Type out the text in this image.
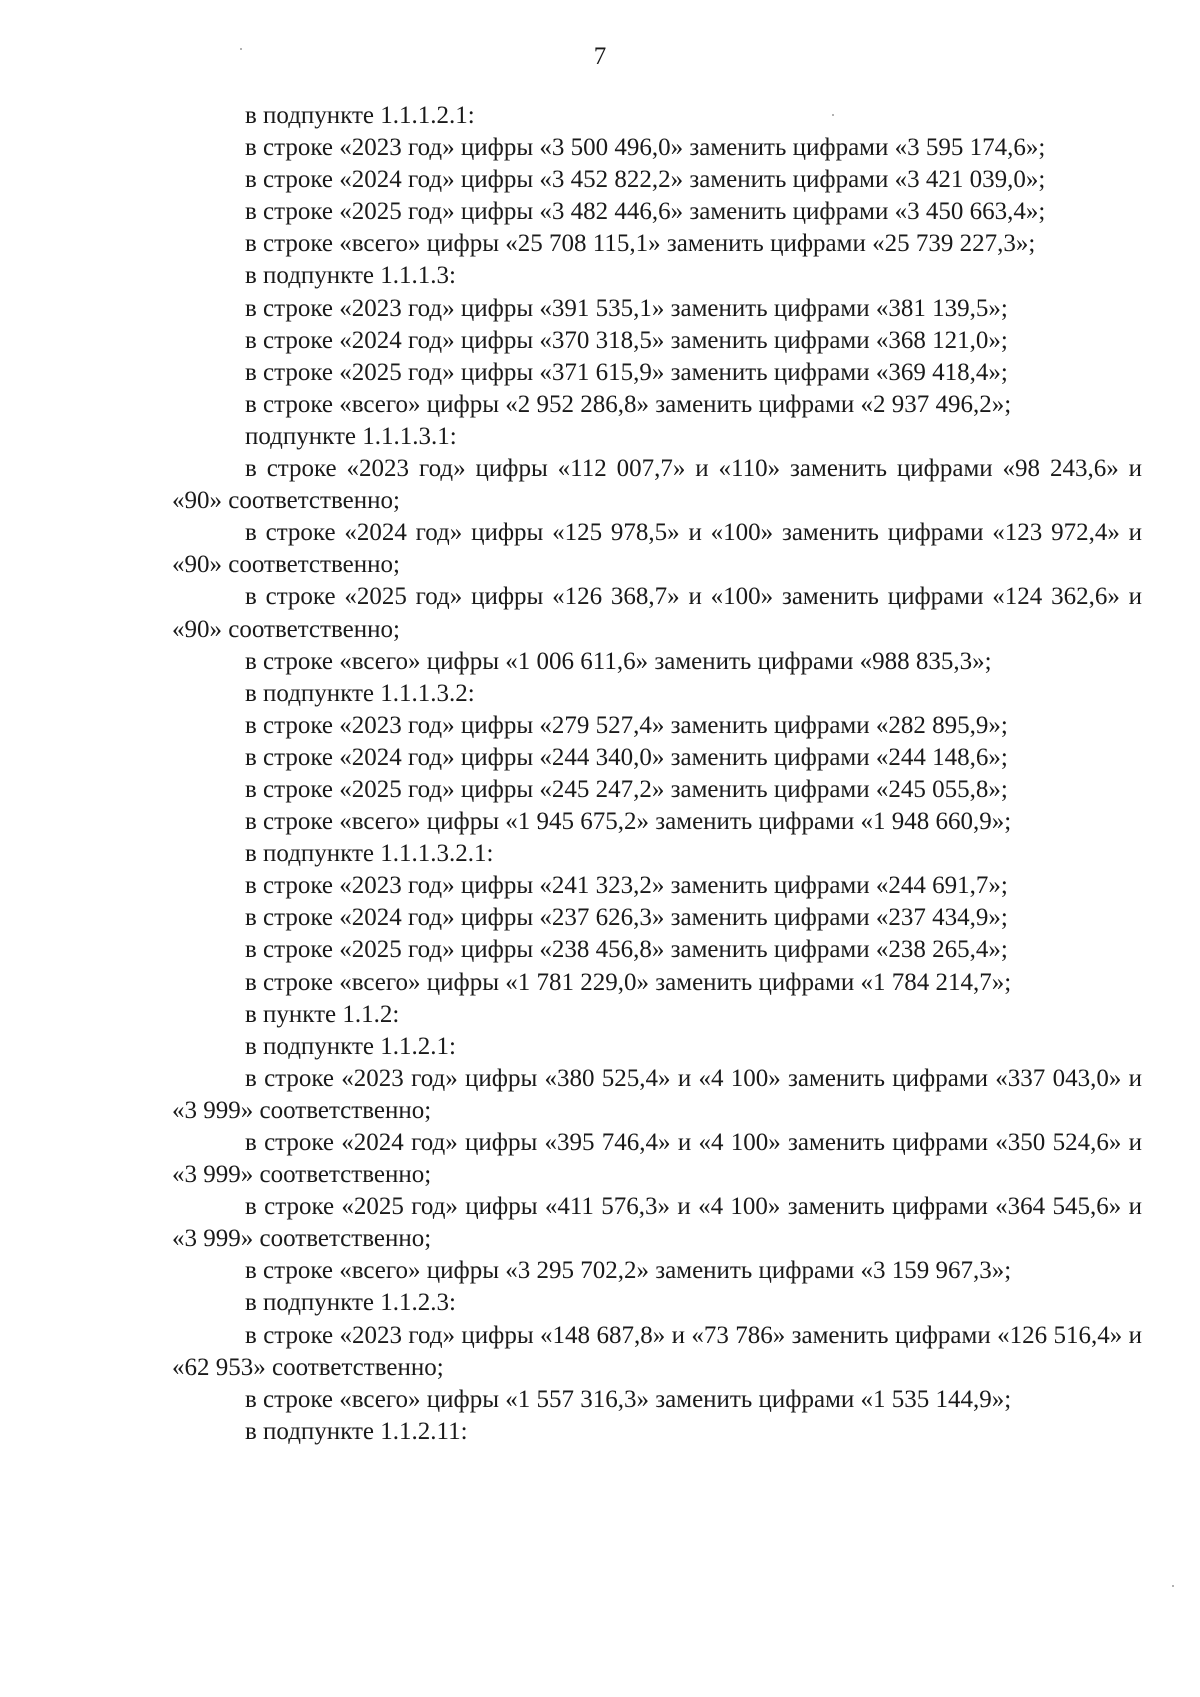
7

в подпункте 1.1.1.2.1:

в строке «2023 год» цифры «3 500 496,0» заменить цифрами «3 595 174,6»;

в строке «2024 год» цифры «3 452 822,2» заменить цифрами «3 421 039,0»;

в строке «2025 год» цифры «3 482 446,6» заменить цифрами «3 450 663,4»;

в строке «всего» цифры «25 708 115,1» заменить цифрами «25 739 227,3»;

в подпункте 1.1.1.3:

в строке «2023 год» цифры «391 535,1» заменить цифрами «381 139,5»;

в строке «2024 год» цифры «370 318,5» заменить цифрами «368 121,0»;

в строке «2025 год» цифры «371 615,9» заменить цифрами «369 418,4»;

в строке «всего» цифры «2 952 286,8» заменить цифрами «2 937 496,2»;

подпункте 1.1.1.3.1:

в строке «2023 год» цифры «112 007,7» и «110» заменить цифрами «98 243,6» и «90» соответственно;

в строке «2024 год» цифры «125 978,5» и «100» заменить цифрами «123 972,4» и «90» соответственно;

в строке «2025 год» цифры «126 368,7» и «100» заменить цифрами «124 362,6» и «90» соответственно;

в строке «всего» цифры «1 006 611,6» заменить цифрами «988 835,3»;

в подпункте 1.1.1.3.2:

в строке «2023 год» цифры «279 527,4» заменить цифрами «282 895,9»;

в строке «2024 год» цифры «244 340,0» заменить цифрами «244 148,6»;

в строке «2025 год» цифры «245 247,2» заменить цифрами «245 055,8»;

в строке «всего» цифры «1 945 675,2» заменить цифрами «1 948 660,9»;

в подпункте 1.1.1.3.2.1:

в строке «2023 год» цифры «241 323,2» заменить цифрами «244 691,7»;

в строке «2024 год» цифры «237 626,3» заменить цифрами «237 434,9»;

в строке «2025 год» цифры «238 456,8» заменить цифрами «238 265,4»;

в строке «всего» цифры «1 781 229,0» заменить цифрами «1 784 214,7»;

в пункте 1.1.2:

в подпункте 1.1.2.1:

в строке «2023 год» цифры «380 525,4» и «4 100» заменить цифрами «337 043,0» и «3 999» соответственно;

в строке «2024 год» цифры «395 746,4» и «4 100» заменить цифрами «350 524,6» и «3 999» соответственно;

в строке «2025 год» цифры «411 576,3» и «4 100» заменить цифрами «364 545,6» и «3 999» соответственно;

в строке «всего» цифры «3 295 702,2» заменить цифрами «3 159 967,3»;

в подпункте 1.1.2.3:

в строке «2023 год» цифры «148 687,8» и «73 786» заменить цифрами «126 516,4» и «62 953» соответственно;

в строке «всего» цифры «1 557 316,3» заменить цифрами «1 535 144,9»;

в подпункте 1.1.2.11:
